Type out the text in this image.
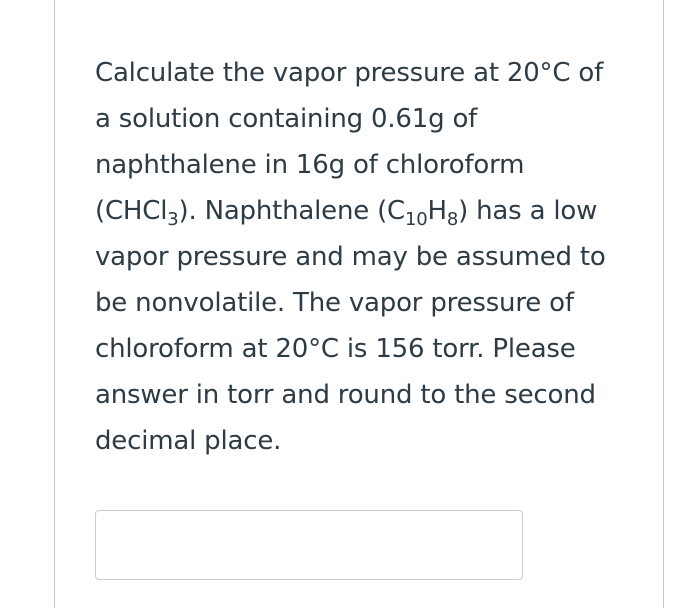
Calculate the vapor pressure at 20°C of
a solution containing 0.61g of
naphthalene in 16g of chloroform
(CHCl$_3$). Naphthalene $(C_{10}H_8)$ has a low
vapor pressure and may be assumed to
be nonvolatile. The vapor pressure of
chloroform at 20°C is 156 torr. Please
answer in torr and round to the second
decimal place.
